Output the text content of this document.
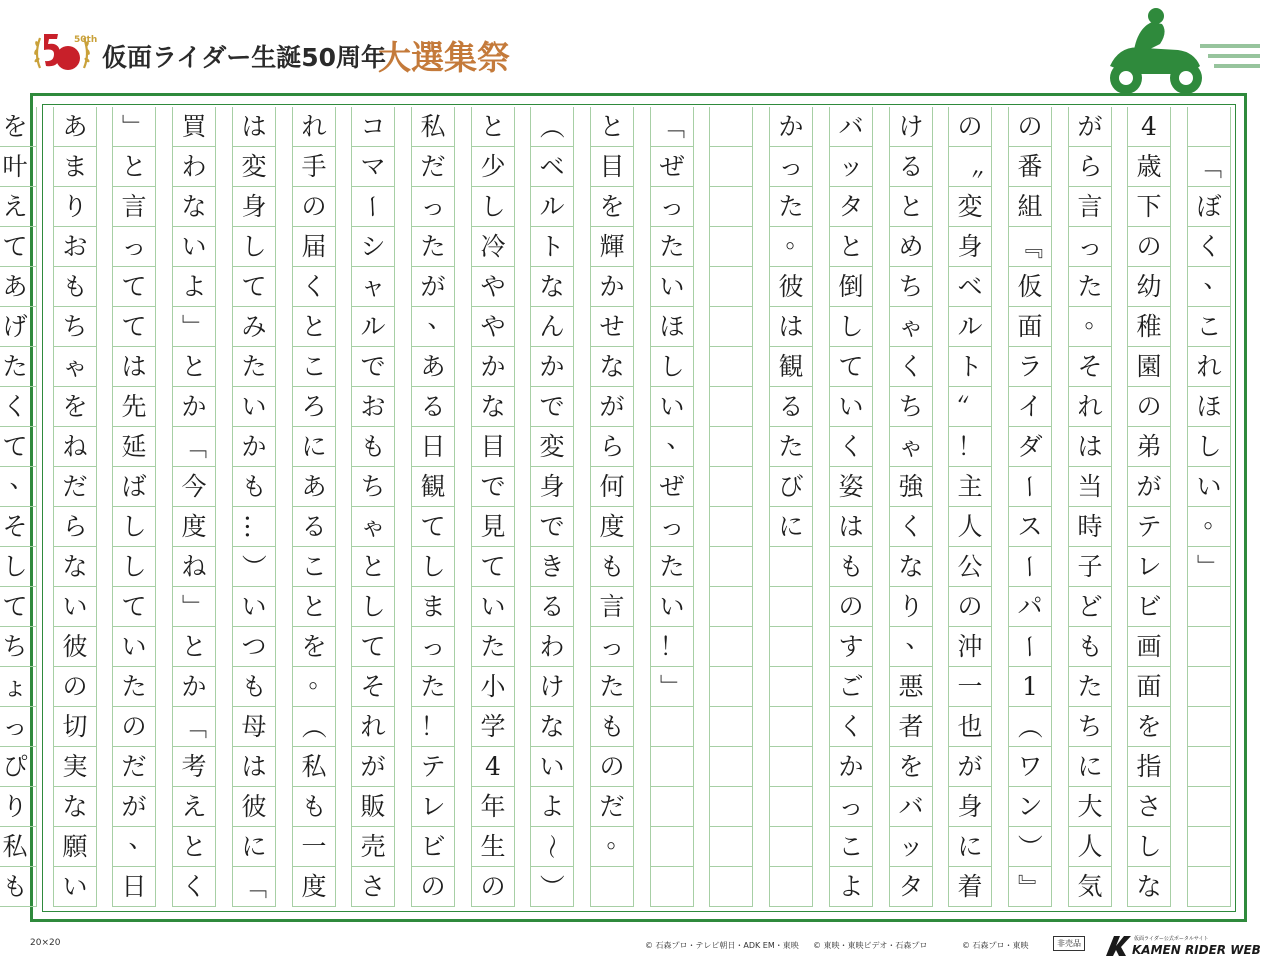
50th
仮面ライダー生誕50周年
大選集祭
「
ぼ
く
、
こ
れ
ほ
し
い
。
」
4
歳
下
の
幼
稚
園
の
弟
が
テ
レ
ビ
画
面
を
指
さ
し
な
が
ら
言
っ
た
。
そ
れ
は
当
時
子
ど
も
た
ち
に
大
人
気
の
番
組
『
仮
面
ラ
イ
ダ
ー
ス
ー
パ
ー
1
（
ワ
ン
）
』
の
〝
変
身
ベ
ル
ト
〟
！
主
人
公
の
沖
一
也
が
身
に
着
け
る
と
め
ち
ゃ
く
ち
ゃ
強
く
な
り
、
悪
者
を
バ
ッ
タ
バ
ッ
タ
と
倒
し
て
い
く
姿
は
も
の
す
ご
く
か
っ
こ
よ
か
っ
た
。
彼
は
観
る
た
び
に
「
ぜ
っ
た
い
ほ
し
い
、
ぜ
っ
た
い
！
」
と
目
を
輝
か
せ
な
が
ら
何
度
も
言
っ
た
も
の
だ
。
（
ベ
ル
ト
な
ん
か
で
変
身
で
き
る
わ
け
な
い
よ
～
）
と
少
し
冷
や
や
か
な
目
で
見
て
い
た
小
学
4
年
生
の
私
だ
っ
た
が
、
あ
る
日
観
て
し
ま
っ
た
！
テ
レ
ビ
の
コ
マ
ー
シ
ャ
ル
で
お
も
ち
ゃ
と
し
て
そ
れ
が
販
売
さ
れ
手
の
届
く
と
こ
ろ
に
あ
る
こ
と
を
。
（
私
も
一
度
は
変
身
し
て
み
た
い
か
も
…
）
い
つ
も
母
は
彼
に
「
買
わ
な
い
よ
」
と
か
「
今
度
ね
」
と
か
「
考
え
と
く
」
と
言
っ
て
て
は
先
延
ば
し
し
て
い
た
の
だ
が
、
日
あ
ま
り
お
も
ち
ゃ
を
ね
だ
ら
な
い
彼
の
切
実
な
願
い
を
叶
え
て
あ
げ
た
く
て
、
そ
し
て
ち
ょ
っ
ぴ
り
私
も
20×20	© 石森プロ・テレビ朝日・ADK EM・東映 © 東映・東映ビデオ・石森プロ	© 石森プロ・東映	非売品	仮面ライダー公式ポータルサイト
KAMEN RIDER WEB
